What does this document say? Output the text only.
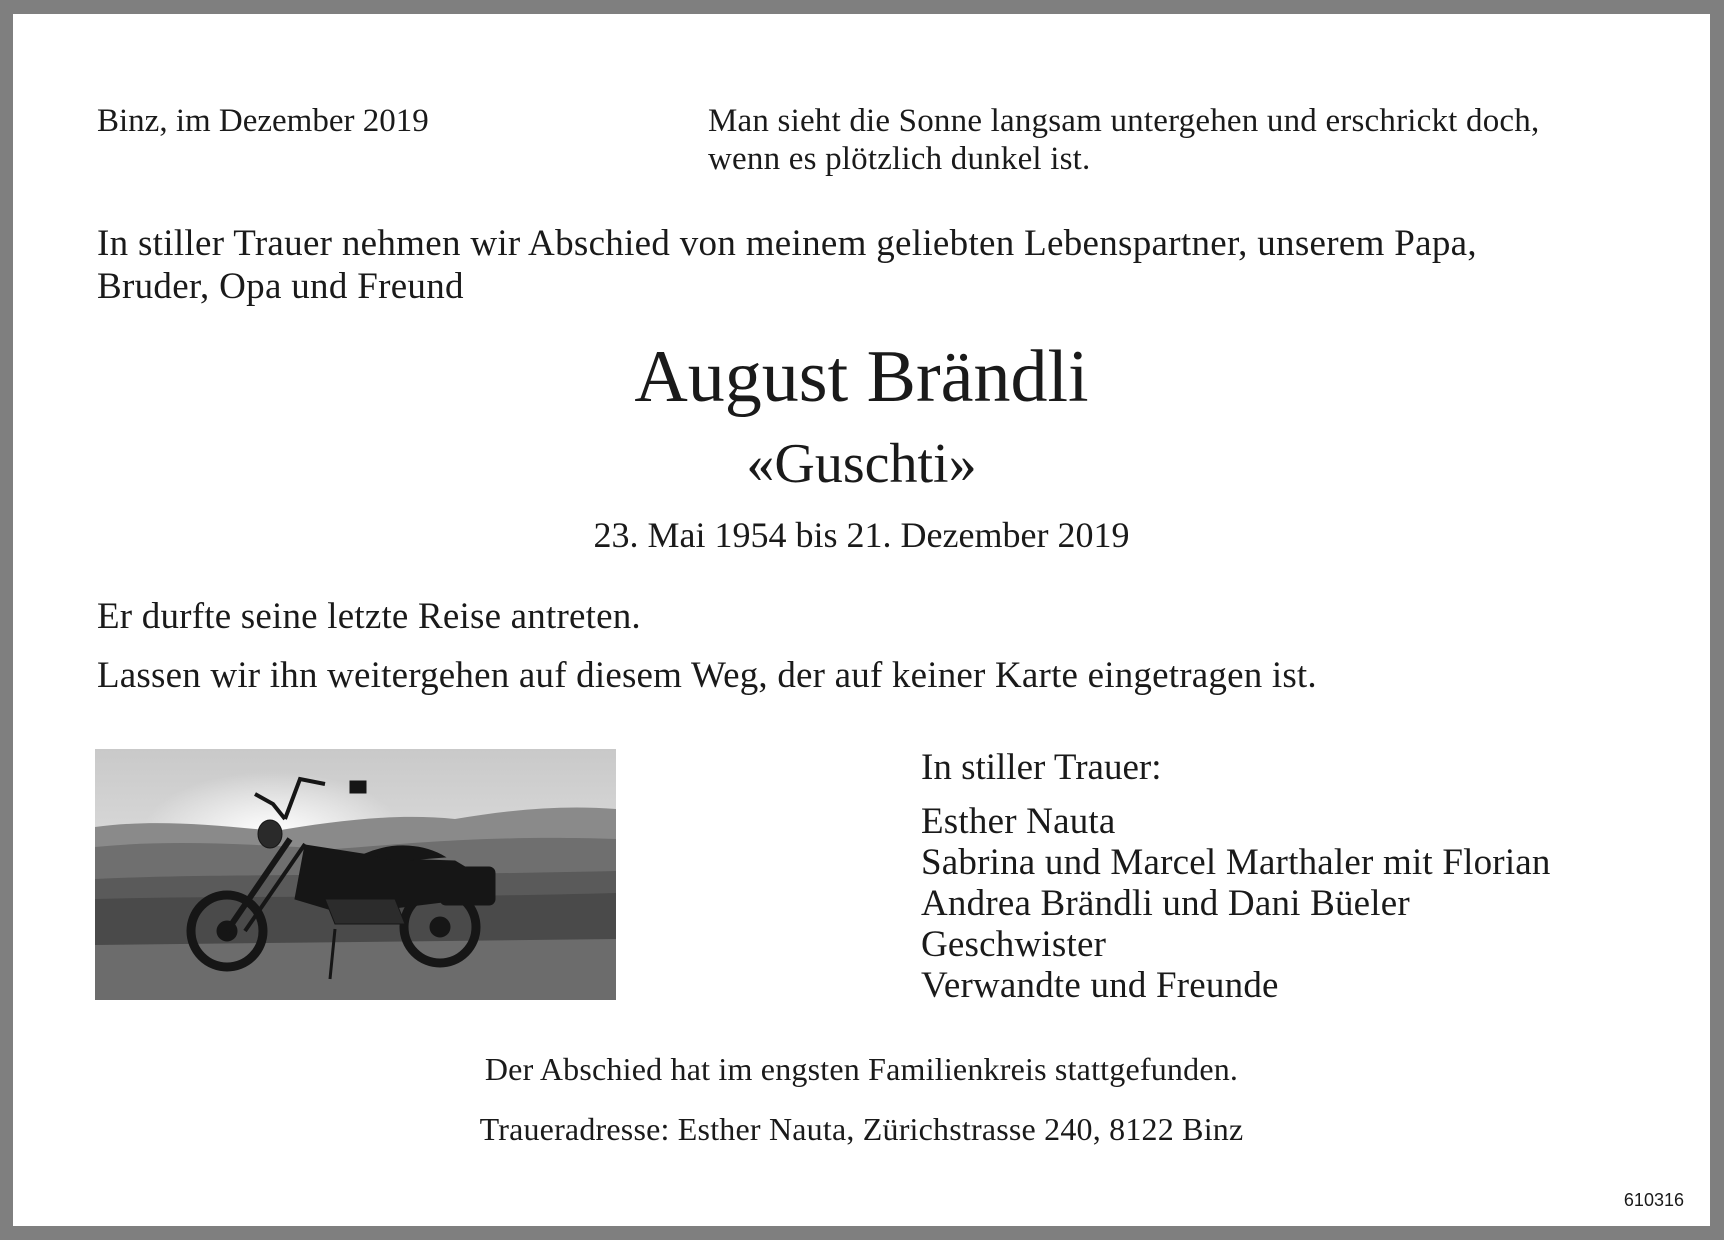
Binz, im Dezember 2019	Man sieht die Sonne langsam untergehen und erschrickt doch,
wenn es plötzlich dunkel ist.
In stiller Trauer nehmen wir Abschied von meinem geliebten Lebenspartner, unserem Papa,
Bruder, Opa und Freund
August Brändli
«Guschti»
23. Mai 1954 bis 21. Dezember 2019
Er durfte seine letzte Reise antreten.
Lassen wir ihn weitergehen auf diesem Weg, der auf keiner Karte eingetragen ist.
In stiller Trauer:
Esther Nauta
Sabrina und Marcel Marthaler mit Florian
Andrea Brändli und Dani Büeler
Geschwister
Verwandte und Freunde
Der Abschied hat im engsten Familienkreis stattgefunden.
Traueradresse: Esther Nauta, Zürichstrasse 240, 8122 Binz
610316
